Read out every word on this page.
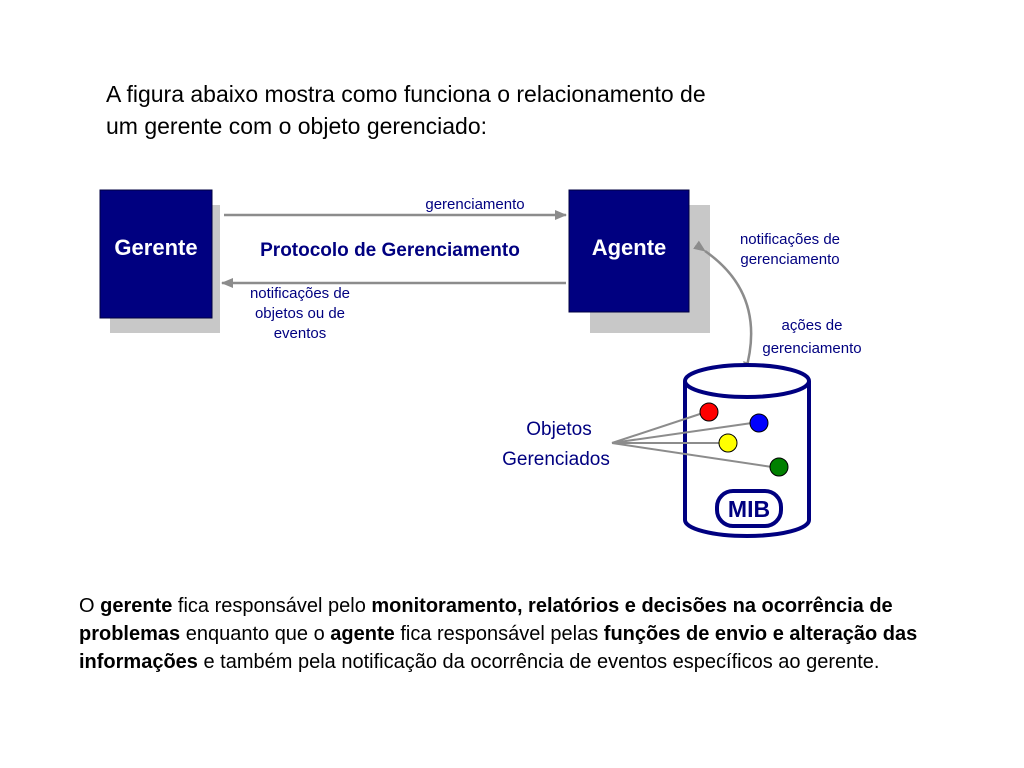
A figura abaixo mostra como funciona o relacionamento de
um gerente com o objeto gerenciado:

Gerente	Agente
gerenciamento
Protocolo de Gerenciamento
notificações de
objetos ou de
eventos
notificações de
gerenciamento
ações de
gerenciamento
MIB
Objetos
Gerenciados

O gerente fica responsável pelo monitoramento, relatórios e decisões na ocorrência de problemas enquanto que o agente fica responsável pelas funções de envio e alteração das informações e também pela notificação da ocorrência de eventos específicos ao gerente.
